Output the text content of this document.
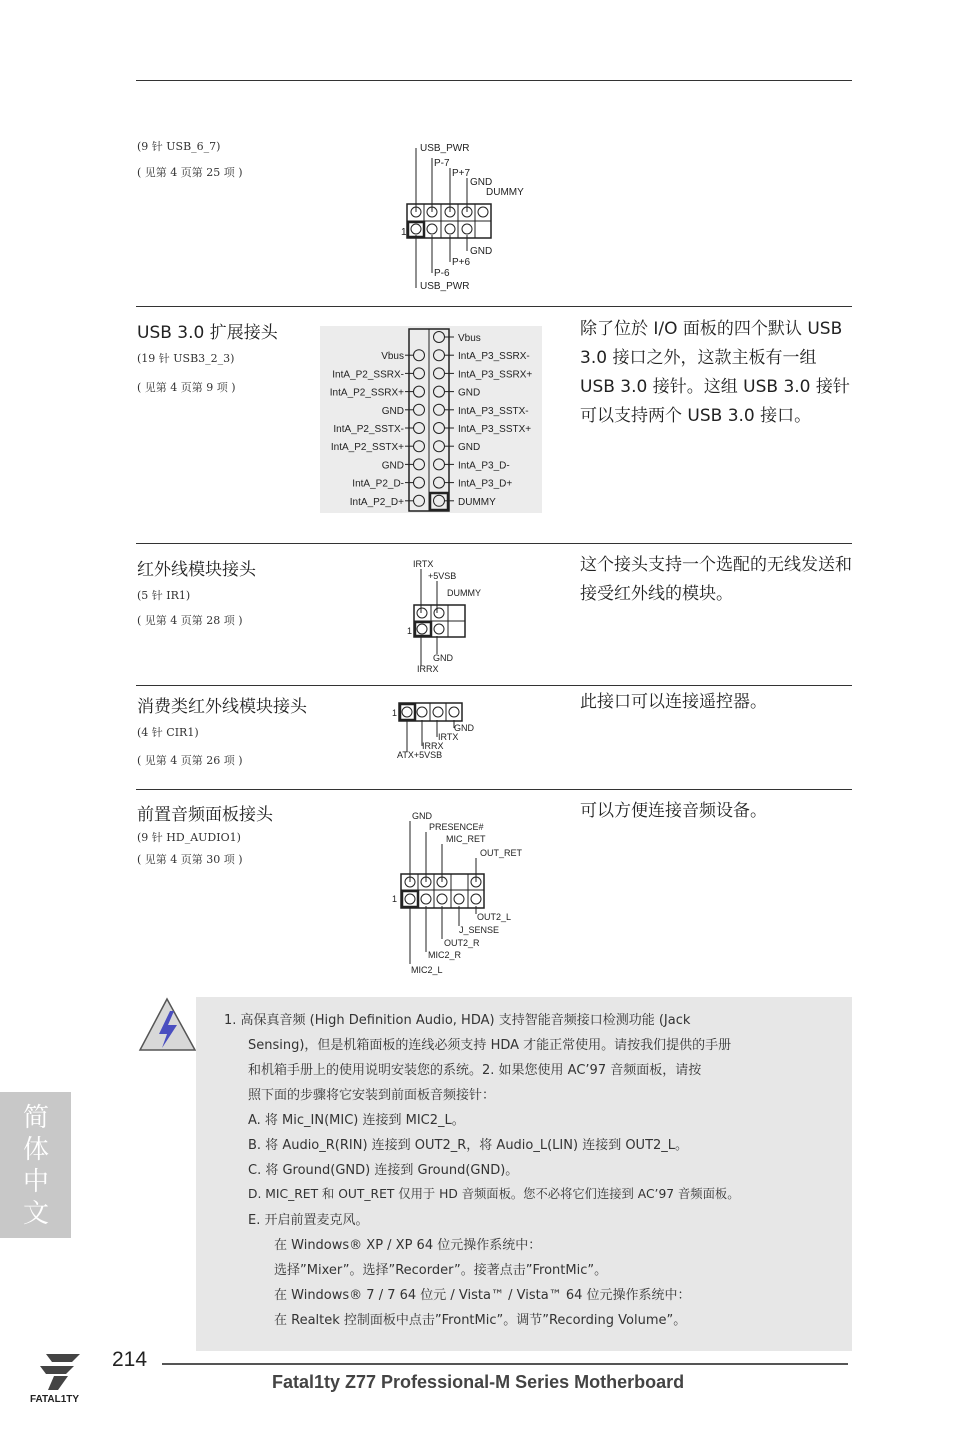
(9 针 USB_6_7)
( 见第 4 页第 25 项 )
USB_PWR
P-7
P+7
GND
DUMMY
GND
P+6
P-6
USB_PWR
1
USB 3.0 扩展接头
(19 针 USB3_2_3)
( 见第 4 页第 9 项 )
除了位於 I/O 面板的四个默认 USB 3.0 接口之外，这款主板有一组 USB 3.0 接针。这组 USB 3.0 接针可以支持两个 USB 3.0 接口。
Vbus
IntA_P3_SSRX-
IntA_P3_SSRX+
GND
IntA_P3_SSTX-
IntA_P3_SSTX+
GND
IntA_P3_D-
IntA_P3_D+
DUMMY
Vbus
IntA_P2_SSRX-
IntA_P2_SSRX+
GND
IntA_P2_SSTX-
IntA_P2_SSTX+
GND
IntA_P2_D-
IntA_P2_D+
红外线模块接头
(5 针 IR1)
( 见第 4 页第 28 项 )
这个接头支持一个选配的无线发送和接受红外线的模块。
IRTX
+5VSB
DUMMY
GND
IRRX
1
消费类红外线模块接头
(4 针 CIR1)
( 见第 4 页第 26 项 )
此接口可以连接遥控器。
GND
IRTX
IRRX
ATX+5VSB
1
前置音频面板接头
(9 针 HD_AUDIO1)
( 见第 4 页第 30 项 )
可以方便连接音频设备。
GND
PRESENCE#
MIC_RET
OUT_RET
OUT2_L
J_SENSE
OUT2_R
MIC2_R
MIC2_L
1
1. 高保真音频 (High Definition Audio, HDA) 支持智能音频接口检测功能 (Jack
Sensing)，但是机箱面板的连线必须支持 HDA 才能正常使用。请按我们提供的手册
和机箱手册上的使用说明安装您的系统。2. 如果您使用 AC’97 音频面板，请按
照下面的步骤将它安装到前面板音频接针：
A. 将 Mic_IN(MIC) 连接到 MIC2_L。
B. 将 Audio_R(RIN) 连接到 OUT2_R，将 Audio_L(LIN) 连接到 OUT2_L。
C. 将 Ground(GND) 连接到 Ground(GND)。
D. MIC_RET 和 OUT_RET 仅用于 HD 音频面板。您不必将它们连接到 AC’97 音频面板。
E. 开启前置麦克风。
在 Windows® XP / XP 64 位元操作系统中：
选择”Mixer”。选择”Recorder”。接著点击”FrontMic”。
在 Windows® 7 / 7 64 位元 / Vista™ / Vista™ 64 位元操作系统中：
在 Realtek 控制面板中点击”FrontMic”。调节”Recording Volume”。
简体中文
FATAL1TY
214
Fatal1ty Z77 Professional-M Series Motherboard
